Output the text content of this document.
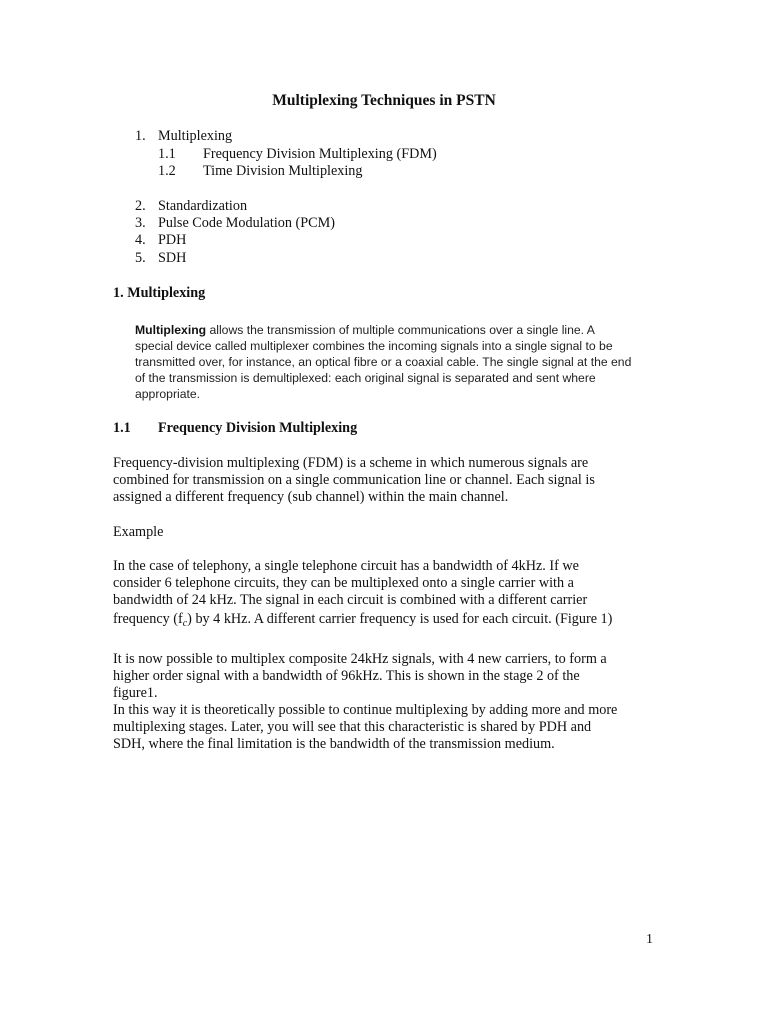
Multiplexing Techniques in PSTN
1. Multiplexing
1.1 Frequency Division Multiplexing (FDM)
1.2 Time Division Multiplexing
2. Standardization
3. Pulse Code Modulation (PCM)
4. PDH
5. SDH
1. Multiplexing
Multiplexing allows the transmission of multiple communications over a single line. A
special device called multiplexer combines the incoming signals into a single signal to be
transmitted over, for instance, an optical fibre or a coaxial cable. The single signal at the end
of the transmission is demultiplexed: each original signal is separated and sent where
appropriate.
1.1 Frequency Division Multiplexing
Frequency-division multiplexing (FDM) is a scheme in which numerous signals are
combined for transmission on a single communication line or channel. Each signal is
assigned a different frequency (sub channel) within the main channel.
Example
In the case of telephony, a single telephone circuit has a bandwidth of 4kHz. If we
consider 6 telephone circuits, they can be multiplexed onto a single carrier with a
bandwidth of 24 kHz. The signal in each circuit is combined with a different carrier
frequency $(f_c)$ by 4 kHz. A different carrier frequency is used for each circuit. (Figure 1)
It is now possible to multiplex composite 24kHz signals, with 4 new carriers, to form a
higher order signal with a bandwidth of 96kHz. This is shown in the stage 2 of the
figure1.
In this way it is theoretically possible to continue multiplexing by adding more and more
multiplexing stages. Later, you will see that this characteristic is shared by PDH and
SDH, where the final limitation is the bandwidth of the transmission medium.
1
